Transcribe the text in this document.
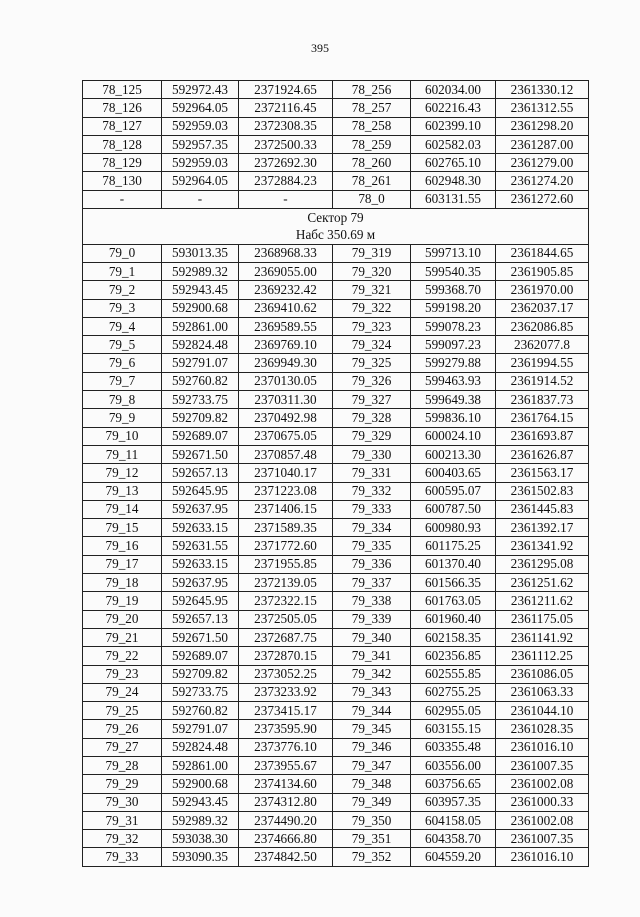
395
78_125	592972.43	2371924.65	78_256	602034.00	2361330.12
78_126	592964.05	2372116.45	78_257	602216.43	2361312.55
78_127	592959.03	2372308.35	78_258	602399.10	2361298.20
78_128	592957.35	2372500.33	78_259	602582.03	2361287.00
78_129	592959.03	2372692.30	78_260	602765.10	2361279.00
78_130	592964.05	2372884.23	78_261	602948.30	2361274.20
-	-	-	78_0	603131.55	2361272.60
Сектор 79					
Набс 350.69 м					
79_0	593013.35	2368968.33	79_319	599713.10	2361844.65
79_1	592989.32	2369055.00	79_320	599540.35	2361905.85
79_2	592943.45	2369232.42	79_321	599368.70	2361970.00
79_3	592900.68	2369410.62	79_322	599198.20	2362037.17
79_4	592861.00	2369589.55	79_323	599078.23	2362086.85
79_5	592824.48	2369769.10	79_324	599097.23	2362077.8
79_6	592791.07	2369949.30	79_325	599279.88	2361994.55
79_7	592760.82	2370130.05	79_326	599463.93	2361914.52
79_8	592733.75	2370311.30	79_327	599649.38	2361837.73
79_9	592709.82	2370492.98	79_328	599836.10	2361764.15
79_10	592689.07	2370675.05	79_329	600024.10	2361693.87
79_11	592671.50	2370857.48	79_330	600213.30	2361626.87
79_12	592657.13	2371040.17	79_331	600403.65	2361563.17
79_13	592645.95	2371223.08	79_332	600595.07	2361502.83
79_14	592637.95	2371406.15	79_333	600787.50	2361445.83
79_15	592633.15	2371589.35	79_334	600980.93	2361392.17
79_16	592631.55	2371772.60	79_335	601175.25	2361341.92
79_17	592633.15	2371955.85	79_336	601370.40	2361295.08
79_18	592637.95	2372139.05	79_337	601566.35	2361251.62
79_19	592645.95	2372322.15	79_338	601763.05	2361211.62
79_20	592657.13	2372505.05	79_339	601960.40	2361175.05
79_21	592671.50	2372687.75	79_340	602158.35	2361141.92
79_22	592689.07	2372870.15	79_341	602356.85	2361112.25
79_23	592709.82	2373052.25	79_342	602555.85	2361086.05
79_24	592733.75	2373233.92	79_343	602755.25	2361063.33
79_25	592760.82	2373415.17	79_344	602955.05	2361044.10
79_26	592791.07	2373595.90	79_345	603155.15	2361028.35
79_27	592824.48	2373776.10	79_346	603355.48	2361016.10
79_28	592861.00	2373955.67	79_347	603556.00	2361007.35
79_29	592900.68	2374134.60	79_348	603756.65	2361002.08
79_30	592943.45	2374312.80	79_349	603957.35	2361000.33
79_31	592989.32	2374490.20	79_350	604158.05	2361002.08
79_32	593038.30	2374666.80	79_351	604358.70	2361007.35
79_33	593090.35	2374842.50	79_352	604559.20	2361016.10
